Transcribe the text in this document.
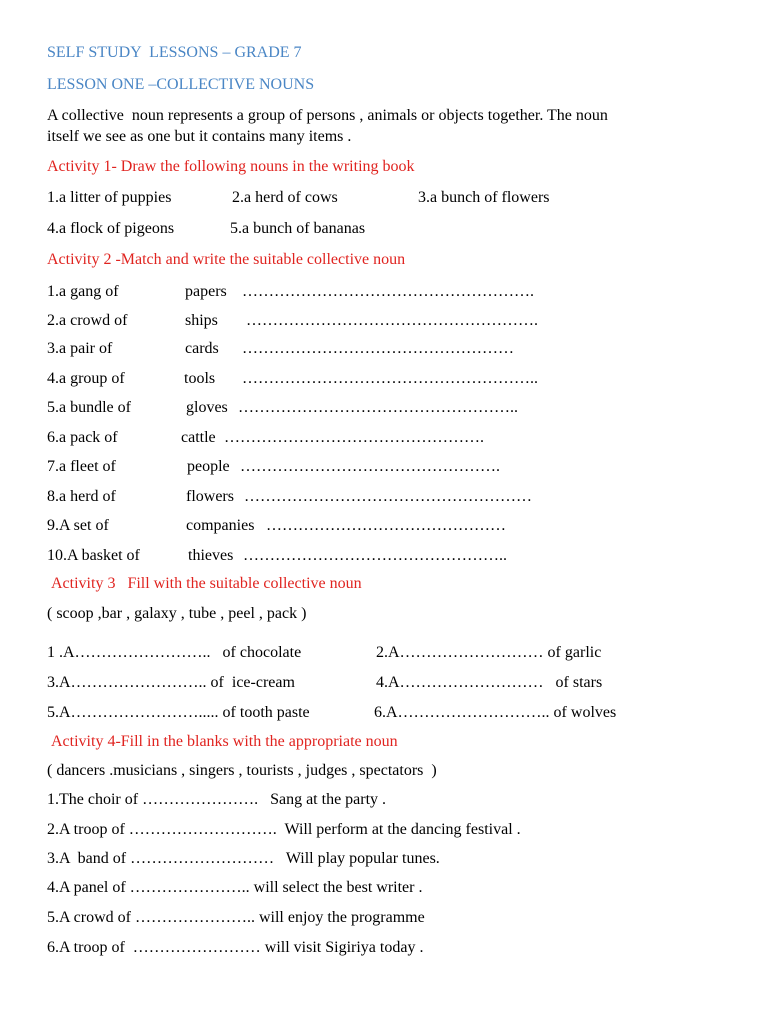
SELF STUDY  LESSONS – GRADE 7
LESSON ONE –COLLECTIVE NOUNS
A collective  noun represents a group of persons , animals or objects together. The noun
itself we see as one but it contains many items .
Activity 1- Draw the following nouns in the writing book
1.a litter of puppies	2.a herd of cows	3.a bunch of flowers
4.a flock of pigeons	5.a bunch of bananas
Activity 2 -Match and write the suitable collective noun
1.a gang of	papers ……………………………………………….
2.a crowd of	ships ……………………………………………….
3.a pair of	cards ……………………………………………
4.a group of	tools ………………………………………………..
5.a bundle of	gloves ……………………………………………..
6.a pack of	cattle ………………………………………….
7.a fleet of	people ………………………………………….
8.a herd of	flowers ………………………………………………
9.A set of	companies ………………………………………
10.A basket of	thieves …………………………………………..
Activity 3   Fill with the suitable collective noun
( scoop ,bar , galaxy , tube , peel , pack )
1 .A……………………..   of chocolate	2.A……………………… of garlic
3.A…………………….. of  ice-cream	4.A………………………   of stars
5.A……………………..... of tooth paste	6.A……………………….. of wolves
Activity 4-Fill in the blanks with the appropriate noun
( dancers .musicians , singers , tourists , judges , spectators  )
1.The choir of ………………….   Sang at the party .
2.A troop of ……………………….  Will perform at the dancing festival .
3.A  band of ………………………   Will play popular tunes.
4.A panel of ………………….. will select the best writer .
5.A crowd of ………………….. will enjoy the programme
6.A troop of  …………………… will visit Sigiriya today .
